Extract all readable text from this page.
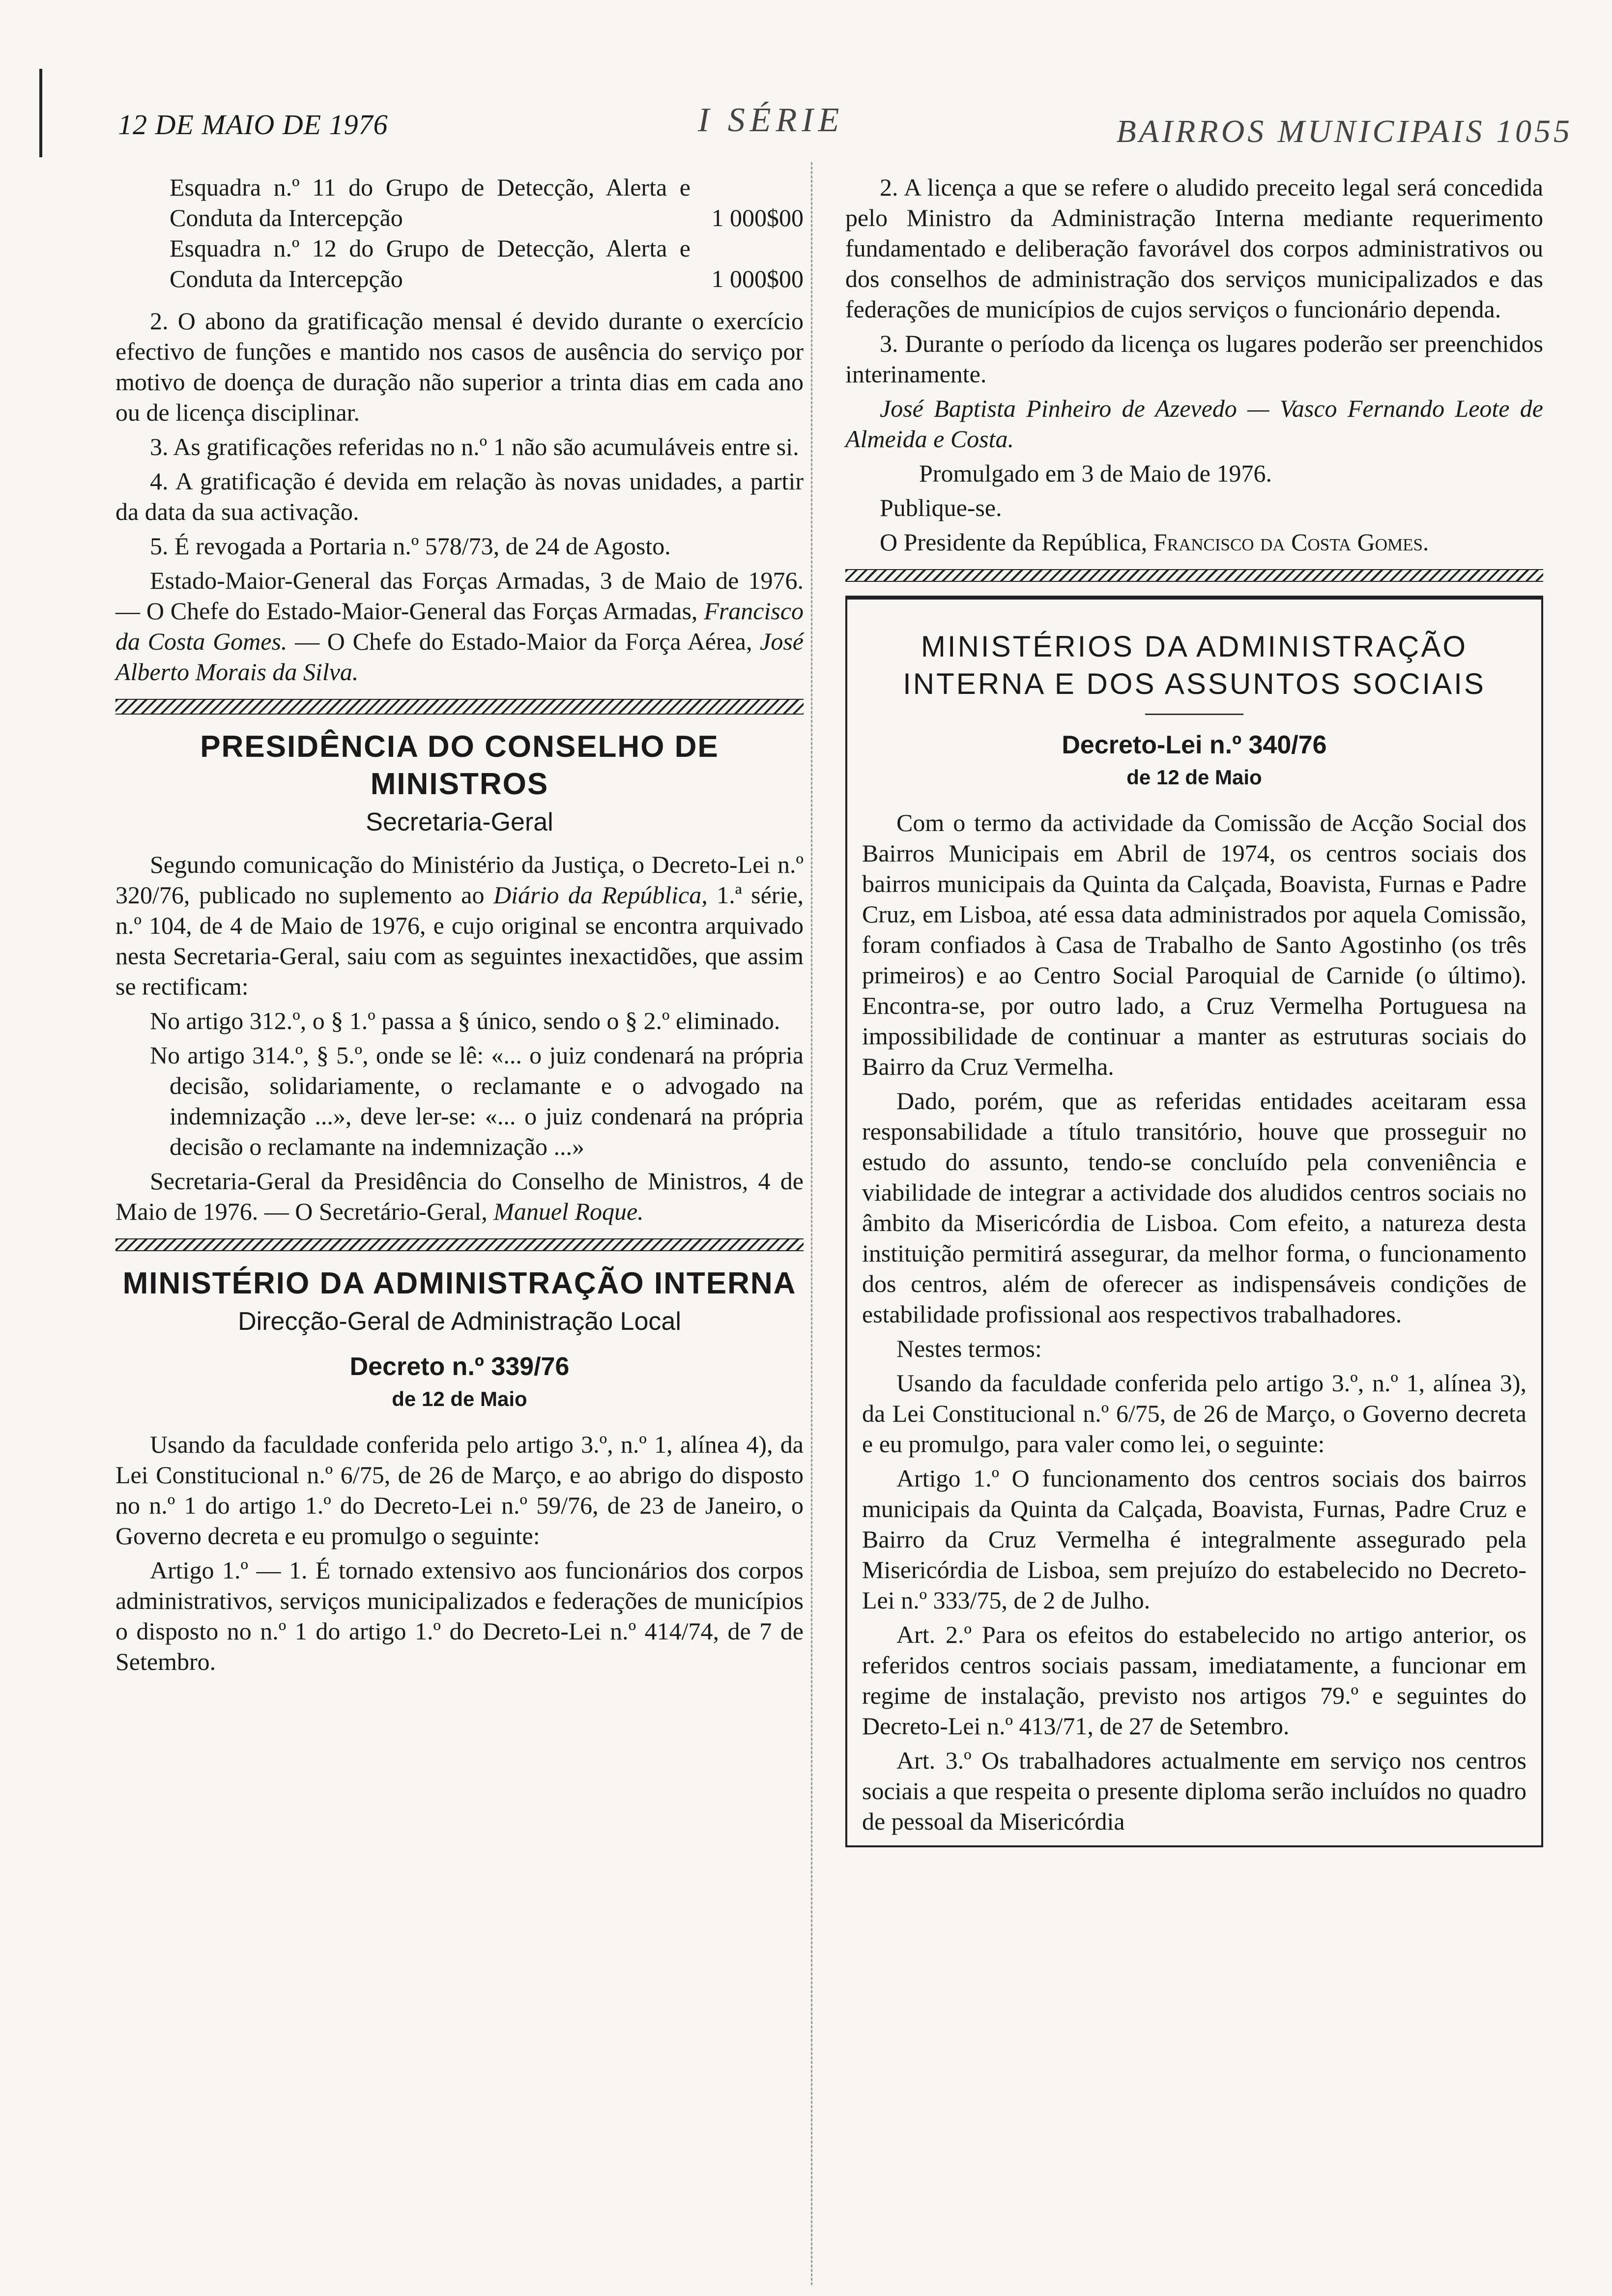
12 DE MAIO DE 1976	I SÉRIE	BAIRROS MUNICIPAIS 1055
Esquadra n.º 11 do Grupo de Detecção, Alerta e Conduta da Intercepção	1 000$00
Esquadra n.º 12 do Grupo de Detecção, Alerta e Conduta da Intercepção	1 000$00

2. O abono da gratificação mensal é devido durante o exercício efectivo de funções e mantido nos casos de ausência do serviço por motivo de doença de duração não superior a trinta dias em cada ano ou de licença disciplinar.

3. As gratificações referidas no n.º 1 não são acumuláveis entre si.

4. A gratificação é devida em relação às novas unidades, a partir da data da sua activação.

5. É revogada a Portaria n.º 578/73, de 24 de Agosto.

Estado-Maior-General das Forças Armadas, 3 de Maio de 1976. — O Chefe do Estado-Maior-General das Forças Armadas, Francisco da Costa Gomes. — O Chefe do Estado-Maior da Força Aérea, José Alberto Morais da Silva.

PRESIDÊNCIA DO CONSELHO DE MINISTROS
Secretaria-Geral

Segundo comunicação do Ministério da Justiça, o Decreto-Lei n.º 320/76, publicado no suplemento ao Diário da República, 1.ª série, n.º 104, de 4 de Maio de 1976, e cujo original se encontra arquivado nesta Secretaria-Geral, saiu com as seguintes inexactidões, que assim se rectificam:

No artigo 312.º, o § 1.º passa a § único, sendo o § 2.º eliminado.

No artigo 314.º, § 5.º, onde se lê: «... o juiz condenará na própria decisão, solidariamente, o reclamante e o advogado na indemnização ...», deve ler-se: «... o juiz condenará na própria decisão o reclamante na indemnização ...»

Secretaria-Geral da Presidência do Conselho de Ministros, 4 de Maio de 1976. — O Secretário-Geral, Manuel Roque.

MINISTÉRIO DA ADMINISTRAÇÃO INTERNA
Direcção-Geral de Administração Local
Decreto n.º 339/76
de 12 de Maio

Usando da faculdade conferida pelo artigo 3.º, n.º 1, alínea 4), da Lei Constitucional n.º 6/75, de 26 de Março, e ao abrigo do disposto no n.º 1 do artigo 1.º do Decreto-Lei n.º 59/76, de 23 de Janeiro, o Governo decreta e eu promulgo o seguinte:

Artigo 1.º — 1. É tornado extensivo aos funcionários dos corpos administrativos, serviços municipalizados e federações de municípios o disposto no n.º 1 do artigo 1.º do Decreto-Lei n.º 414/74, de 7 de Setembro.

2. A licença a que se refere o aludido preceito legal será concedida pelo Ministro da Administração Interna mediante requerimento fundamentado e deliberação favorável dos corpos administrativos ou dos conselhos de administração dos serviços municipalizados e das federações de municípios de cujos serviços o funcionário dependa.

3. Durante o período da licença os lugares poderão ser preenchidos interinamente.

José Baptista Pinheiro de Azevedo — Vasco Fernando Leote de Almeida e Costa.

Promulgado em 3 de Maio de 1976.

Publique-se.

O Presidente da República, Francisco da Costa Gomes.

MINISTÉRIOS DA ADMINISTRAÇÃO INTERNA E DOS ASSUNTOS SOCIAIS
Decreto-Lei n.º 340/76
de 12 de Maio

Com o termo da actividade da Comissão de Acção Social dos Bairros Municipais em Abril de 1974, os centros sociais dos bairros municipais da Quinta da Calçada, Boavista, Furnas e Padre Cruz, em Lisboa, até essa data administrados por aquela Comissão, foram confiados à Casa de Trabalho de Santo Agostinho (os três primeiros) e ao Centro Social Paroquial de Carnide (o último). Encontra-se, por outro lado, a Cruz Vermelha Portuguesa na impossibilidade de continuar a manter as estruturas sociais do Bairro da Cruz Vermelha.

Dado, porém, que as referidas entidades aceitaram essa responsabilidade a título transitório, houve que prosseguir no estudo do assunto, tendo-se concluído pela conveniência e viabilidade de integrar a actividade dos aludidos centros sociais no âmbito da Misericórdia de Lisboa. Com efeito, a natureza desta instituição permitirá assegurar, da melhor forma, o funcionamento dos centros, além de oferecer as indispensáveis condições de estabilidade profissional aos respectivos trabalhadores.

Nestes termos:

Usando da faculdade conferida pelo artigo 3.º, n.º 1, alínea 3), da Lei Constitucional n.º 6/75, de 26 de Março, o Governo decreta e eu promulgo, para valer como lei, o seguinte:

Artigo 1.º O funcionamento dos centros sociais dos bairros municipais da Quinta da Calçada, Boavista, Furnas, Padre Cruz e Bairro da Cruz Vermelha é integralmente assegurado pela Misericórdia de Lisboa, sem prejuízo do estabelecido no Decreto-Lei n.º 333/75, de 2 de Julho.

Art. 2.º Para os efeitos do estabelecido no artigo anterior, os referidos centros sociais passam, imediatamente, a funcionar em regime de instalação, previsto nos artigos 79.º e seguintes do Decreto-Lei n.º 413/71, de 27 de Setembro.

Art. 3.º Os trabalhadores actualmente em serviço nos centros sociais a que respeita o presente diploma serão incluídos no quadro de pessoal da Misericórdia
